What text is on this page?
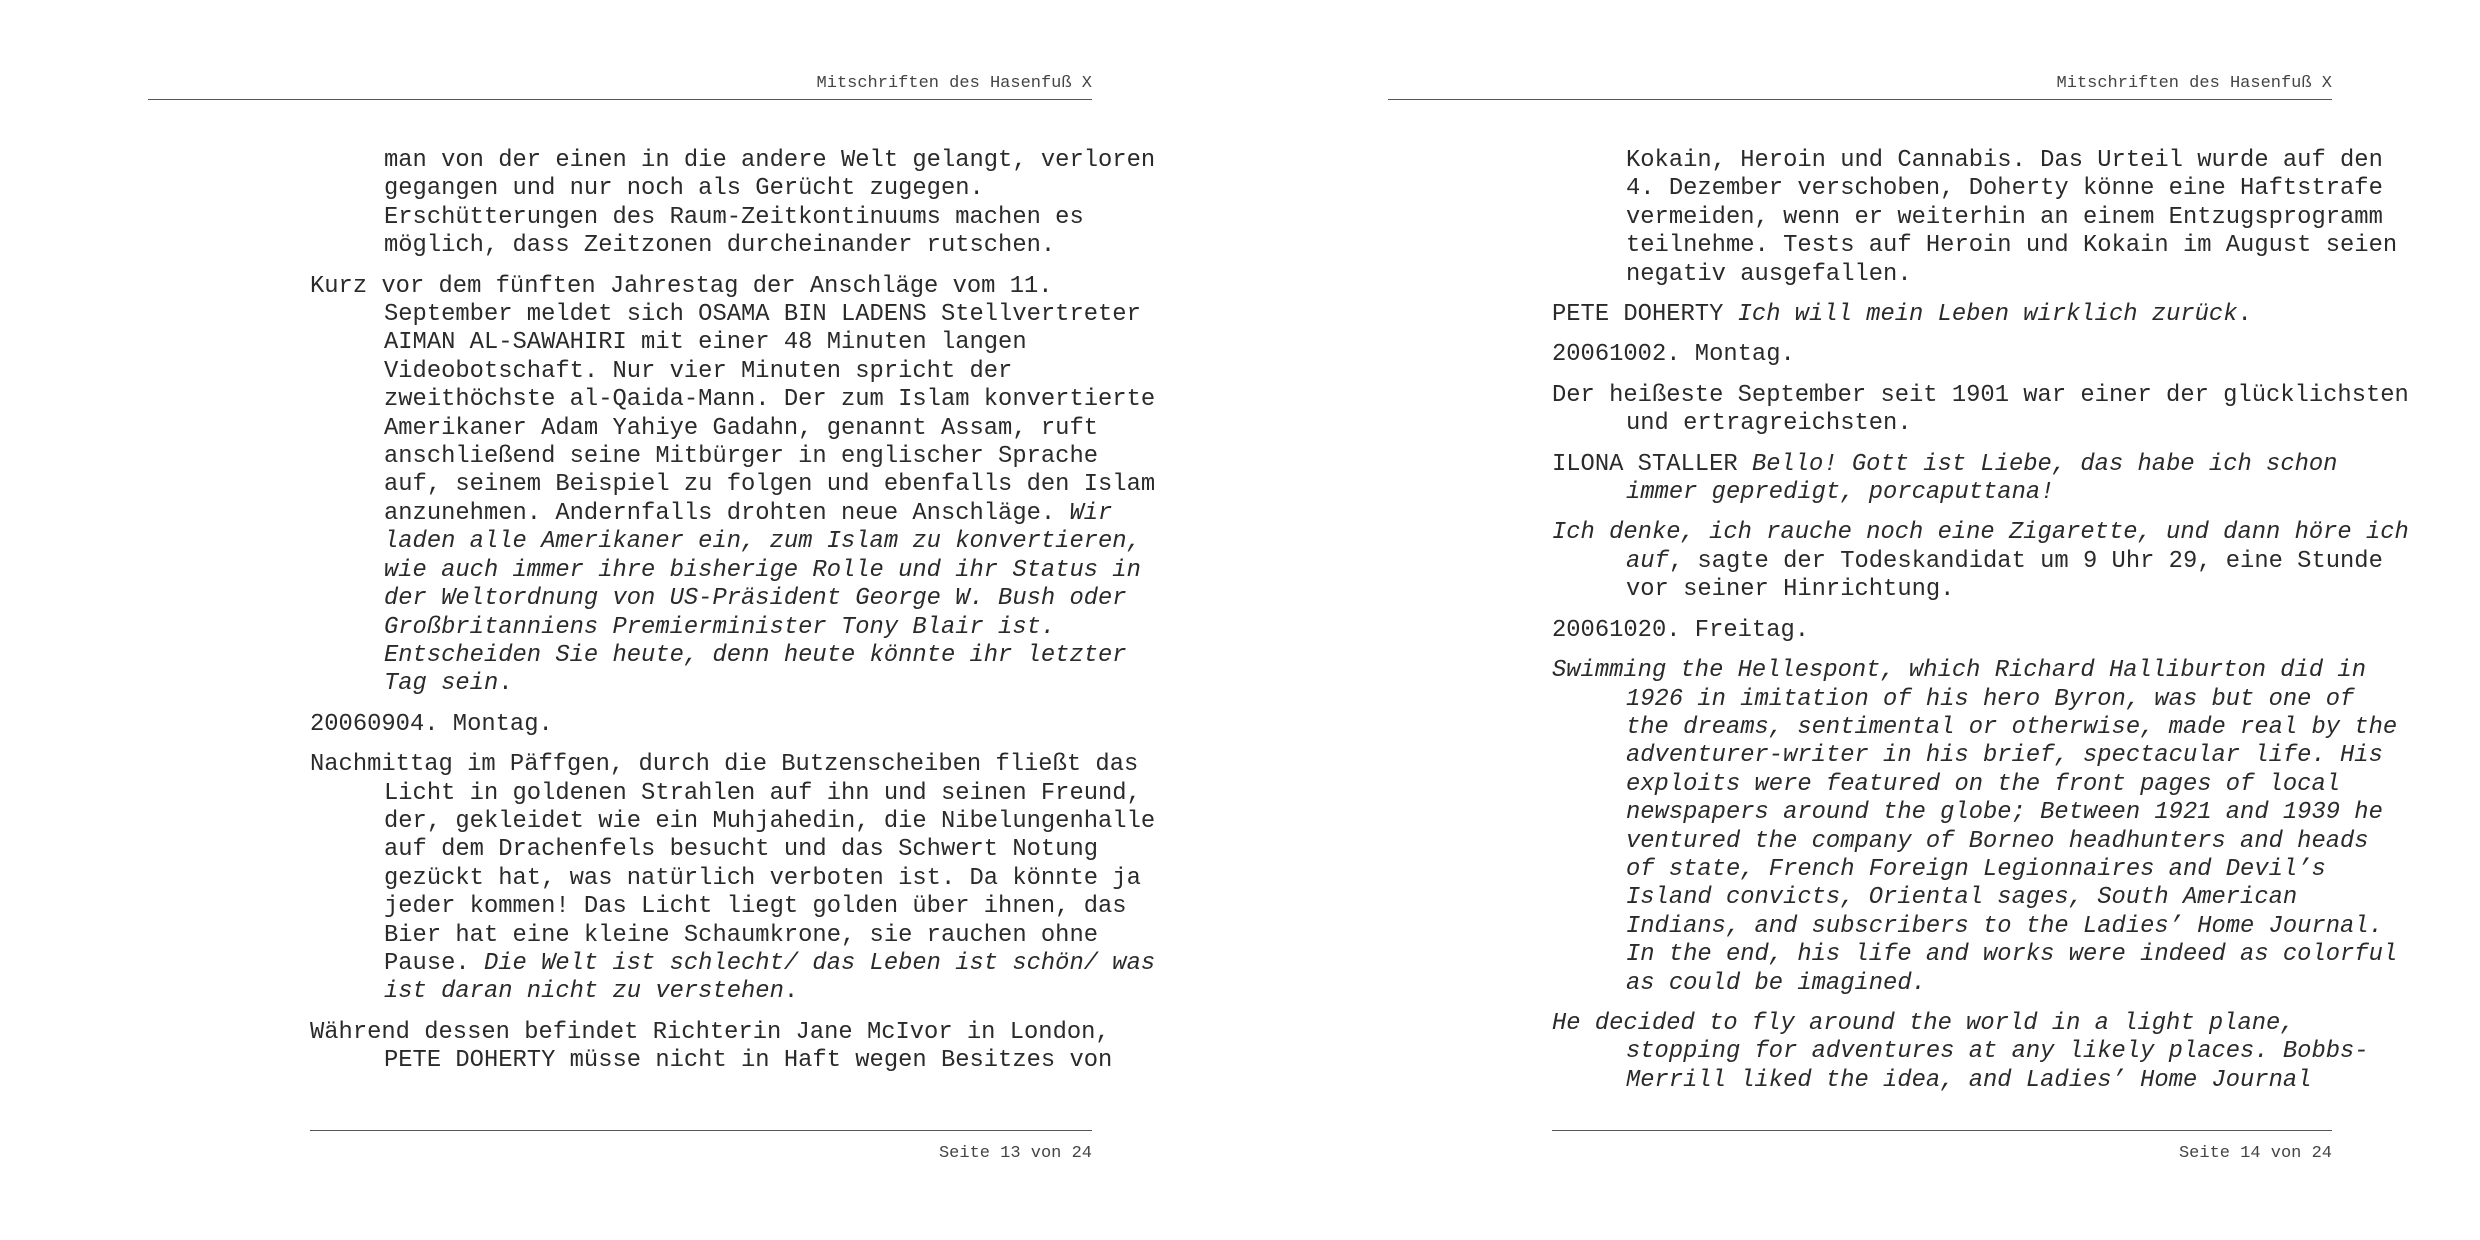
Mitschriften des Hasenfuß X
man von der einen in die andere Welt gelangt, verloren
gegangen und nur noch als Gerücht zugegen.
Erschütterungen des Raum-Zeitkontinuums machen es
möglich, dass Zeitzonen durcheinander rutschen.
Kurz vor dem fünften Jahrestag der Anschläge vom 11.
September meldet sich OSAMA BIN LADENS Stellvertreter
AIMAN AL-SAWAHIRI mit einer 48 Minuten langen
Videobotschaft. Nur vier Minuten spricht der
zweithöchste al-Qaida-Mann. Der zum Islam konvertierte
Amerikaner Adam Yahiye Gadahn, genannt Assam, ruft
anschließend seine Mitbürger in englischer Sprache
auf, seinem Beispiel zu folgen und ebenfalls den Islam
anzunehmen. Andernfalls drohten neue Anschläge. Wir
laden alle Amerikaner ein, zum Islam zu konvertieren,
wie auch immer ihre bisherige Rolle und ihr Status in
der Weltordnung von US-Präsident George W. Bush oder
Großbritanniens Premierminister Tony Blair ist.
Entscheiden Sie heute, denn heute könnte ihr letzter
Tag sein.
20060904. Montag.
Nachmittag im Päffgen, durch die Butzenscheiben fließt das
Licht in goldenen Strahlen auf ihn und seinen Freund,
der, gekleidet wie ein Muhjahedin, die Nibelungenhalle
auf dem Drachenfels besucht und das Schwert Notung
gezückt hat, was natürlich verboten ist. Da könnte ja
jeder kommen! Das Licht liegt golden über ihnen, das
Bier hat eine kleine Schaumkrone, sie rauchen ohne
Pause. Die Welt ist schlecht/ das Leben ist schön/ was
ist daran nicht zu verstehen.
Während dessen befindet Richterin Jane McIvor in London,
PETE DOHERTY müsse nicht in Haft wegen Besitzes von
Seite 13 von 24
Mitschriften des Hasenfuß X
Kokain, Heroin und Cannabis. Das Urteil wurde auf den
4. Dezember verschoben, Doherty könne eine Haftstrafe
vermeiden, wenn er weiterhin an einem Entzugsprogramm
teilnehme. Tests auf Heroin und Kokain im August seien
negativ ausgefallen.
PETE DOHERTY Ich will mein Leben wirklich zurück.
20061002. Montag.
Der heißeste September seit 1901 war einer der glücklichsten
und ertragreichsten.
ILONA STALLER Bello! Gott ist Liebe, das habe ich schon
immer gepredigt, porcaputtana!
Ich denke, ich rauche noch eine Zigarette, und dann höre ich
auf, sagte der Todeskandidat um 9 Uhr 29, eine Stunde
vor seiner Hinrichtung.
20061020. Freitag.
Swimming the Hellespont, which Richard Halliburton did in
1926 in imitation of his hero Byron, was but one of
the dreams, sentimental or otherwise, made real by the
adventurer-writer in his brief, spectacular life. His
exploits were featured on the front pages of local
newspapers around the globe; Between 1921 and 1939 he
ventured the company of Borneo headhunters and heads
of state, French Foreign Legionnaires and Devil’s
Island convicts, Oriental sages, South American
Indians, and subscribers to the Ladies’ Home Journal.
In the end, his life and works were indeed as colorful
as could be imagined.
He decided to fly around the world in a light plane,
stopping for adventures at any likely places. Bobbs-
Merrill liked the idea, and Ladies’ Home Journal
Seite 14 von 24
